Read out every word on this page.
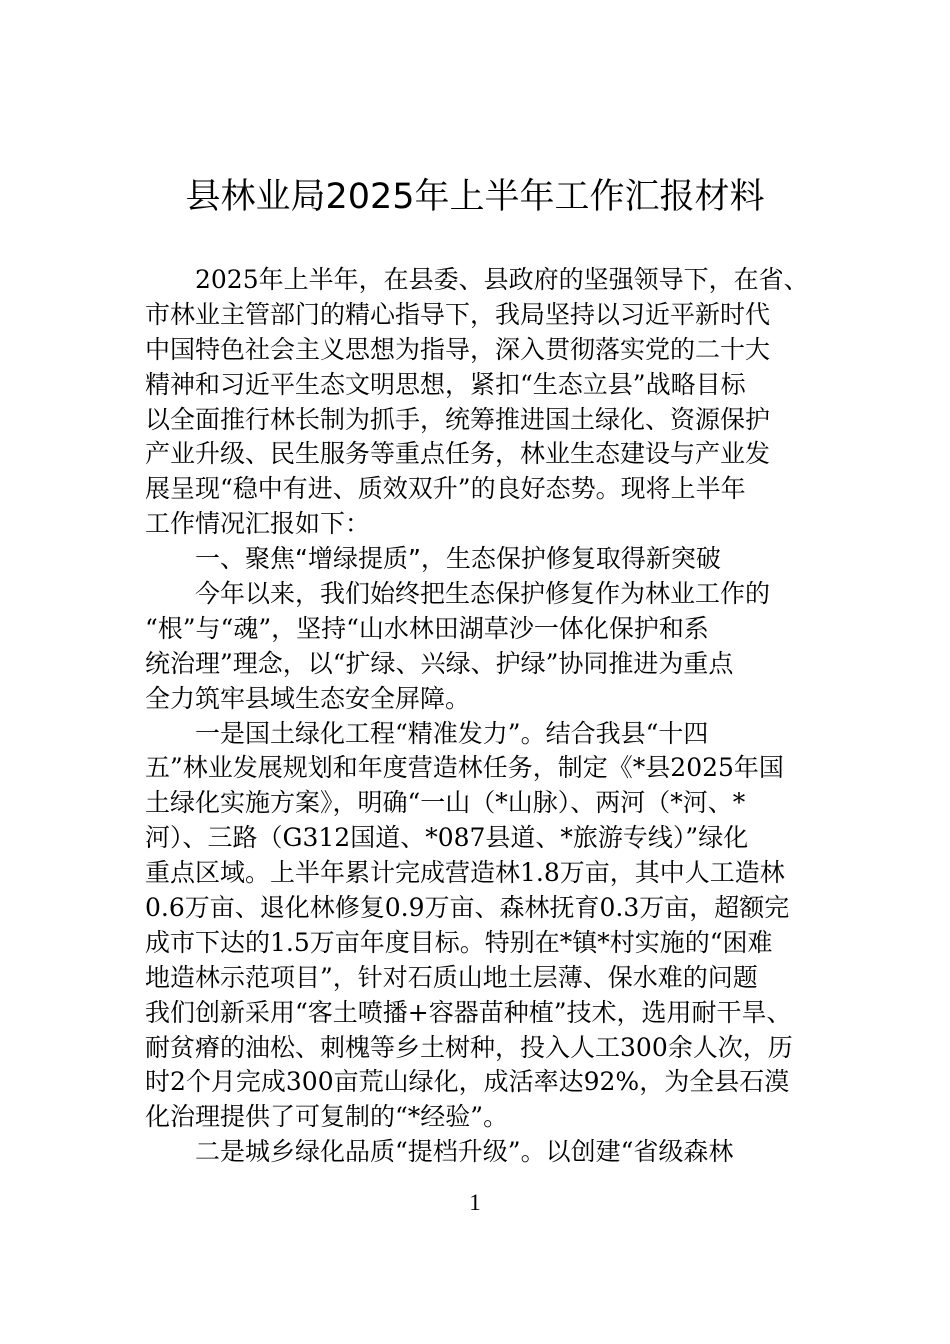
县林业局2025年上半年工作汇报材料
2025年上半年，在县委、县政府的坚强领导下，在省、
市林业主管部门的精心指导下，我局坚持以习近平新时代
中国特色社会主义思想为指导，深入贯彻落实党的二十大
精神和习近平生态文明思想，紧扣“生态立县”战略目标
以全面推行林长制为抓手，统筹推进国土绿化、资源保护
产业升级、民生服务等重点任务，林业生态建设与产业发
展呈现“稳中有进、质效双升”的良好态势。现将上半年
工作情况汇报如下：
一、聚焦“增绿提质”，生态保护修复取得新突破
今年以来，我们始终把生态保护修复作为林业工作的
“根”与“魂”，坚持“山水林田湖草沙一体化保护和系
统治理”理念，以“扩绿、兴绿、护绿”协同推进为重点
全力筑牢县域生态安全屏障。
一是国土绿化工程“精准发力”。结合我县“十四
五”林业发展规划和年度营造林任务，制定《*县2025年国
土绿化实施方案》，明确“一山（*山脉）、两河（*河、*
河）、三路（G312国道、*087县道、*旅游专线）”绿化
重点区域。上半年累计完成营造林1.8万亩，其中人工造林
0.6万亩、退化林修复0.9万亩、森林抚育0.3万亩，超额完
成市下达的1.5万亩年度目标。特别在*镇*村实施的“困难
地造林示范项目”，针对石质山地土层薄、保水难的问题
我们创新采用“客土喷播+容器苗种植”技术，选用耐干旱、
耐贫瘠的油松、刺槐等乡土树种，投入人工300余人次，历
时2个月完成300亩荒山绿化，成活率达92%，为全县石漠
化治理提供了可复制的“*经验”。
二是城乡绿化品质“提档升级”。以创建“省级森林
1
